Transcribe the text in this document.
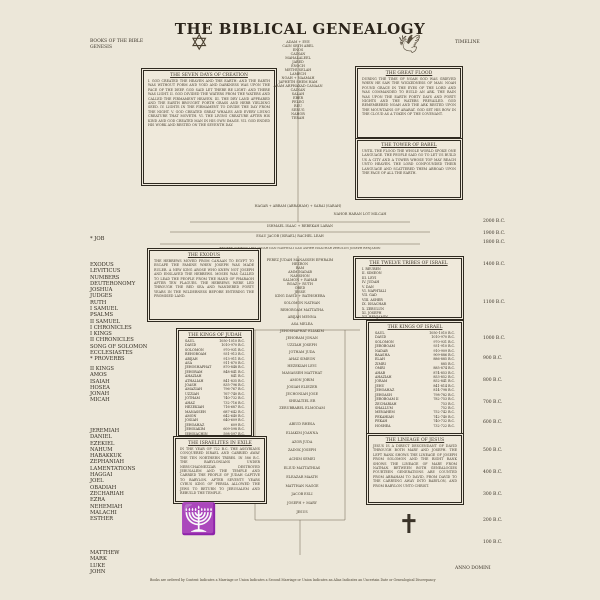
THE BIBLICAL GENEALOGY
BOOKS OF THE BIBLE
GENESIS
TIMELINE
✡	🕊
* JOB
EXODUS
LEVITICUS
NUMBERS
DEUTERONOMY
JOSHUA
JUDGES
RUTH
I SAMUEL
PSALMS
II SAMUEL
I CHRONICLES
I KINGS
II CHRONICLES
SONG OF SOLOMON
ECCLESIASTES
* PROVERBS
II KINGS
AMOS
ISAIAH
HOSEA
JONAH
MICAH
JEREMIAH
DANIEL
EZEKIEL
NAHUM
HABAKKUK
ZEPHANIAH
LAMENTATIONS
HAGGAI
JOEL
OBADIAH
ZECHARIAH
EZRA
NEHEMIAH
MALACHI
ESTHER
MATTHEW
MARK
LUKE
JOHN
THE SEVEN DAYS OF CREATION
I. GOD CREATED THE HEAVEN AND THE EARTH: AND THE EARTH WAS WITHOUT FORM AND VOID AND DARKNESS WAS UPON THE FACE OF THE DEEP. GOD SAID LET THERE BE LIGHT: AND THERE WAS LIGHT. II. GOD DIVIDED THE WATERS FROM THE WATERS AND CALLED THE FIRMAMENT HEAVEN. III. THE DRY LAND APPEARED AND THE EARTH BROUGHT FORTH GRASS AND HERB YIELDING SEED. IV. LIGHTS IN THE FIRMAMENT TO DIVIDE THE DAY FROM THE NIGHT. V. GOD CREATED GREAT WHALES AND EVERY LIVING CREATURE THAT MOVETH. VI. THE LIVING CREATURE AFTER HIS KIND AND GOD CREATED MAN IN HIS OWN IMAGE. VII. GOD ENDED HIS WORK AND RESTED ON THE SEVENTH DAY.
THE GREAT FLOOD
DURING THE TIME OF NOAH GOD WAS GRIEVED WHEN HE SAW THE WICKEDNESS OF MAN. NOAH FOUND GRACE IN THE EYES OF THE LORD AND WAS COMMANDED TO BUILD AN ARK. THE RAIN WAS UPON THE EARTH FORTY DAYS AND FORTY NIGHTS AND THE WATERS PREVAILED. GOD REMEMBERED NOAH AND THE ARK RESTED UPON THE MOUNTAINS OF ARARAT. GOD SET HIS BOW IN THE CLOUD AS A TOKEN OF THE COVENANT.
THE TOWER OF BABEL
UNTIL THE FLOOD THE WHOLE WORLD SPOKE ONE LANGUAGE. THE PEOPLE SAID GO TO LET US BUILD US A CITY AND A TOWER WHOSE TOP MAY REACH UNTO HEAVEN. THE LORD CONFOUNDED THEIR LANGUAGE AND SCATTERED THEM ABROAD UPON THE FACE OF ALL THE EARTH.
THE EXODUS
THE HEBREWS MOVED FROM CANAAN TO EGYPT TO ESCAPE THE FAMINE WHEN JOSEPH WAS MADE RULER. A NEW KING AROSE WHO KNEW NOT JOSEPH AND ENSLAVED THE HEBREWS. MOSES WAS CALLED TO LEAD THE PEOPLE FROM THE HAND OF PHARAOH AFTER TEN PLAGUES. THE HEBREWS WERE LED THROUGH THE RED SEA AND WANDERED FORTY YEARS IN THE WILDERNESS BEFORE ENTERING THE PROMISED LAND.
THE TWELVE TRIBES OF ISRAEL
I. REUBEN
II. SIMEON
III. LEVI
IV. JUDAH
V. DAN
VI. NAPHTALI
VII. GAD
VIII. ASHER
IX. ISSACHAR
X. ZEBULUN
XI. JOSEPH
XII. BENJAMIN
THE KINGS OF JUDAH
SAUL	1050-1010 B.C.
DAVID	1010-970 B.C.
SOLOMON	970-931 B.C.
REHOBOAM	931-913 B.C.
ABIJAH	913-911 B.C.
ASA	911-870 B.C.
JEHOSHAPHAT	870-848 B.C.
JEHORAM	848-841 B.C.
AHAZIAH	841 B.C.
ATHALIAH	841-835 B.C.
JOASH	835-796 B.C.
AMAZIAH	796-767 B.C.
UZZIAH	767-740 B.C.
JOTHAM	740-732 B.C.
AHAZ	732-716 B.C.
HEZEKIAH	716-687 B.C.
MANASSEH	687-642 B.C.
AMON	642-640 B.C.
JOSIAH	640-609 B.C.
JEHOAHAZ	609 B.C.
JEHOIAKIM	609-598 B.C.
JEHOIACHIN	598-597 B.C.
THE KINGS OF ISRAEL
SAUL	1050-1010 B.C.
DAVID	1010-970 B.C.
SOLOMON	970-931 B.C.
JEROBOAM	931-910 B.C.
NADAB	910-909 B.C.
BAASHA	909-886 B.C.
ELAH	886-885 B.C.
ZIMRI	885 B.C.
OMRI	885-874 B.C.
AHAB	874-853 B.C.
AHAZIAH	853-852 B.C.
JORAM	852-841 B.C.
JEHU	841-814 B.C.
JEHOAHAZ	814-798 B.C.
JEHOASH	798-782 B.C.
JEROBOAM II	782-753 B.C.
ZECHARIAH	753 B.C.
SHALLUM	752 B.C.
MENAHEM	752-742 B.C.
PEKAHIAH	742-740 B.C.
PEKAH	740-732 B.C.
HOSHEA	732-722 B.C.
THE ISRAELITES IN EXILE
IN THE YEAR OF 722 B.C. THE ASSYRIANS CONQUERED ISRAEL AND CARRIED AWAY THE TEN NORTHERN TRIBES. IN 586 B.C. THE BABYLONIANS UNDER NEBUCHADNEZZAR DESTROYED JERUSALEM AND THE TEMPLE AND CARRIED THE PEOPLE OF JUDAH CAPTIVE TO BABYLON. AFTER SEVENTY YEARS CYRUS KING OF PERSIA ALLOWED THE JEWS TO RETURN TO JERUSALEM AND REBUILD THE TEMPLE.
THE LINEAGE OF JESUS
JESUS IS A DIRECT DESCENDANT OF DAVID THROUGH BOTH MARY AND JOSEPH. THE LEFT RANK SHOWS THE LINEAGE OF JOSEPH FROM SOLOMON AND THE RIGHT RANK SHOWS THE LINEAGE OF MARY FROM NATHAN. BETWEEN BOTH GENEALOGIES FOURTEEN GENERATIONS ARE COUNTED FROM ABRAHAM TO DAVID, FROM DAVID TO THE CARRYING AWAY INTO BABYLON, AND FROM BABYLON UNTO CHRIST.
ADAM + EVE
CAIN SETH ABEL
ENOS
CAINAN
MAHALALEEL
JARED
ENOCH
METHUSELAH
LAMECH
NOAH + NAAMAH
JAPHETH SHEM HAM
ARAM ARPHAXAD CANAAN
CAINAN
SALAH
EBER
PELEG
REU
SERUG
NAHOR
TERAH
HAGAR + ABRAM (ABRAHAM) + SARAI (SARAH)
NAHOR HARAN LOT MILCAH
ISHMAEL ISAAC + REBEKAH LABAN
ESAU JACOB (ISRAEL) RACHEL LEAH
REUBEN SIMEON LEVI JUDAH DAN NAPHTALI GAD ASHER ISSACHAR ZEBULUN JOSEPH BENJAMIN
PEREZ JUDAH MANASSEH EPHRAIM
HEZRON
RAM
AMMINADAB
NAHSHON
SALMON + RAHAB
BOAZ + RUTH
OBED
JESSE
KING DAVID + BATHSHEBA
SOLOMON NATHAN
REHOBOAM MATTATHA
ABIJAH MENNA
ASA MELEA
JEHOSHAPHAT ELIAKIM
JEHORAM JONAN
UZZIAH JOSEPH
JOTHAM JUDA
AHAZ SIMEON
HEZEKIAH LEVI
MANASSEH MATTHAT
AMON JORIM
JOSIAH ELIEZER
JECHONIAH JOSE
SHEALTIEL ER
ZERUBBABEL ELMODAM
ABIUD RHESA
ELIAKIM JOANNA
AZOR JUDA
ZADOK JOSEPH
ACHIM SEMEI
ELIUD MATTATHIAS
ELEAZAR MAATH
MATTHAN NAGGE
JACOB ESLI
JOSEPH + MARY
JESUS
2000 B.C.
1900 B.C.
1800 B.C.
1400 B.C.
1100 B.C.
1000 B.C.
900 B.C.
800 B.C.
700 B.C.
600 B.C.
500 B.C.
400 B.C.
300 B.C.
200 B.C.
100 B.C.
ANNO DOMINI
🕎	✝
Books are ordered by Content Indicates a Marriage or Union Indicates a Second Marriage or Union Indicates an Alias Indicates an Uncertain Date or Genealogical Discrepancy
